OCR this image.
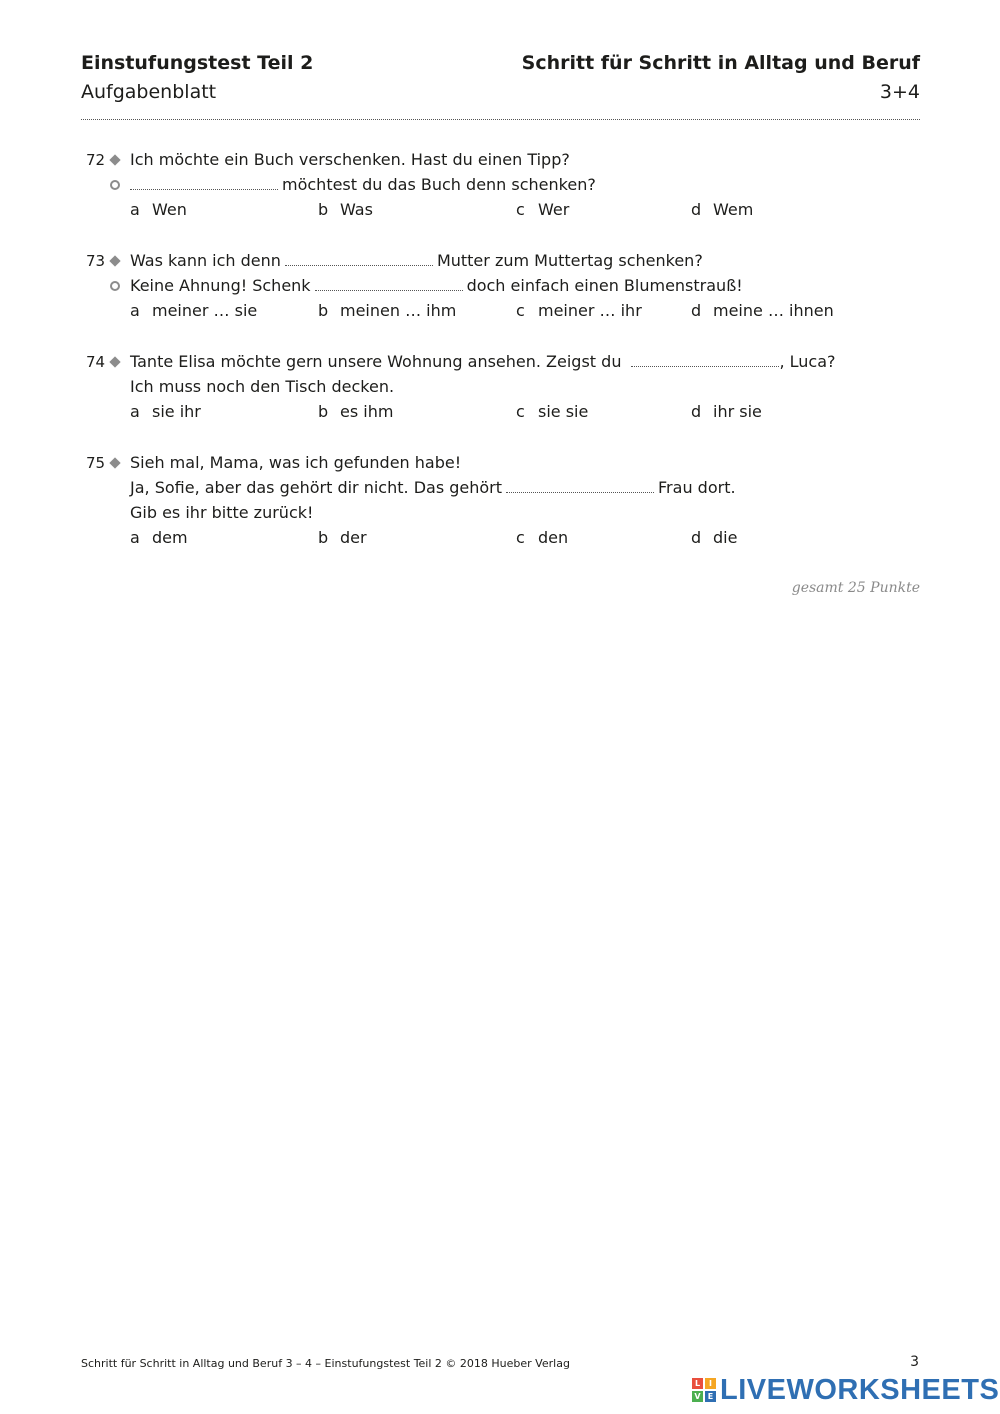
Einstufungstest Teil 2
Aufgabenblatt
Schritt für Schritt in Alltag und Beruf
3+4
72 Ich möchte ein Buch verschenken. Hast du einen Tipp?
möchtest du das Buch denn schenken?
a Wen	b Was	c Wer	d Wem
73 Was kann ich denn	Mutter zum Muttertag schenken?
Keine Ahnung! Schenk	doch einfach einen Blumenstrauß!
a meiner … sie	b meinen … ihm	c meiner … ihr	d meine … ihnen
74 Tante Elisa möchte gern unsere Wohnung ansehen. Zeigst du	, Luca?
Ich muss noch den Tisch decken.
a sie ihr	b es ihm	c sie sie	d ihr sie
75 Sieh mal, Mama, was ich gefunden habe!
Ja, Sofie, aber das gehört dir nicht. Das gehört	Frau dort.
Gib es ihr bitte zurück!
a dem	b der	c den	d die
gesamt 25 Punkte
Schritt für Schritt in Alltag und Beruf 3 – 4 – Einstufungstest Teil 2 © 2018 Hueber Verlag	3
L	I
V E LIVEWORKSHEETS
